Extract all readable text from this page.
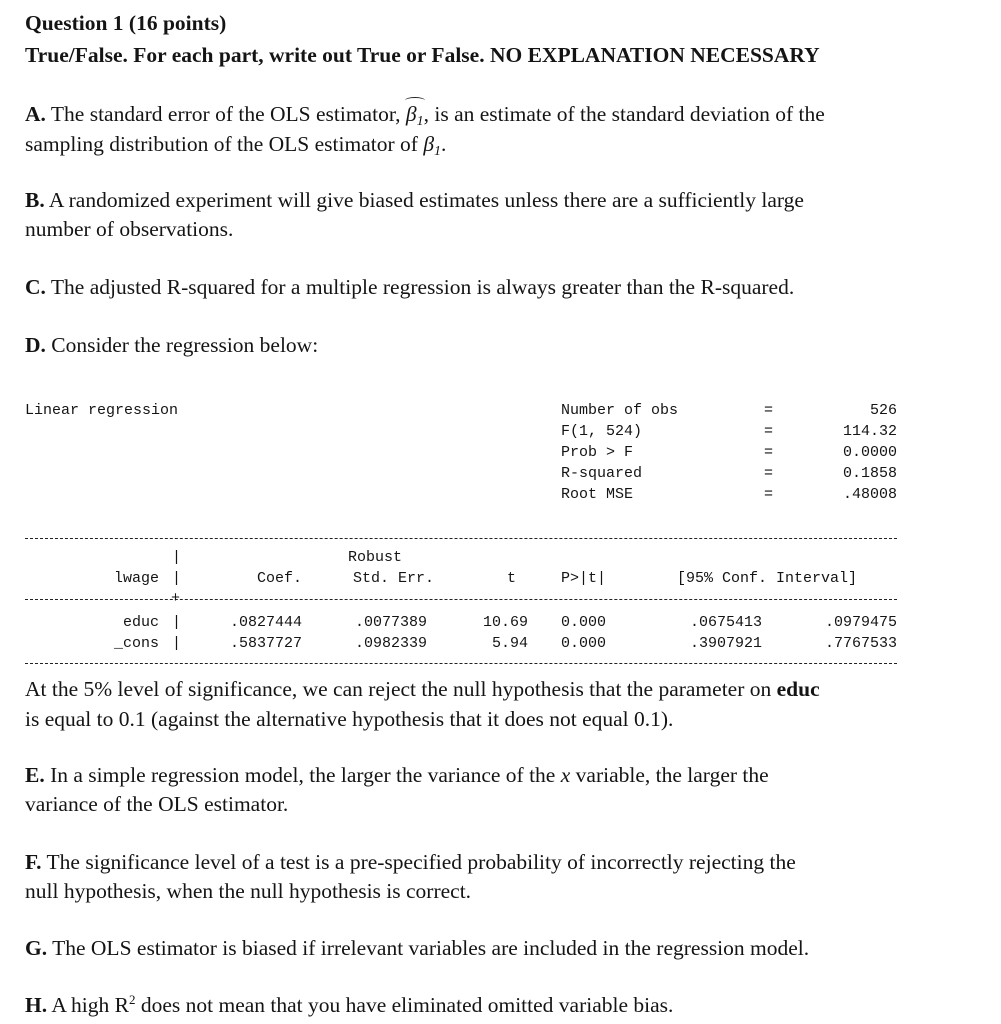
Question 1 (16 points)
True/False. For each part, write out True or False. NO EXPLANATION NECESSARY
A. The standard error of the OLS estimator, $\beta_1$, is an estimate of the standard deviation of the
sampling distribution of the OLS estimator of $\beta_1$.
B. A randomized experiment will give biased estimates unless there are a sufficiently large
number of observations.
C. The adjusted R-squared for a multiple regression is always greater than the R-squared.
D. Consider the regression below:
Linear regression	Number of obs	=	526
F(1, 524)	=	114.32
Prob > F	=	0.0000
R-squared	=	0.1858
Root MSE	=	.48008
|	Robust
lwage |	Coef.	Std. Err.	t	P>|t|	[95% Conf. Interval]
+
educ |	.0827444	.0077389	10.69 0.000	.0675413	.0979475
_cons |	.5837727	.0982339	5.94 0.000	.3907921	.7767533
At the 5% level of significance, we can reject the null hypothesis that the parameter on educ
is equal to 0.1 (against the alternative hypothesis that it does not equal 0.1).
E. In a simple regression model, the larger the variance of the x variable, the larger the
variance of the OLS estimator.
F. The significance level of a test is a pre-specified probability of incorrectly rejecting the
null hypothesis, when the null hypothesis is correct.
G. The OLS estimator is biased if irrelevant variables are included in the regression model.
H. A high $R^2$ does not mean that you have eliminated omitted variable bias.
